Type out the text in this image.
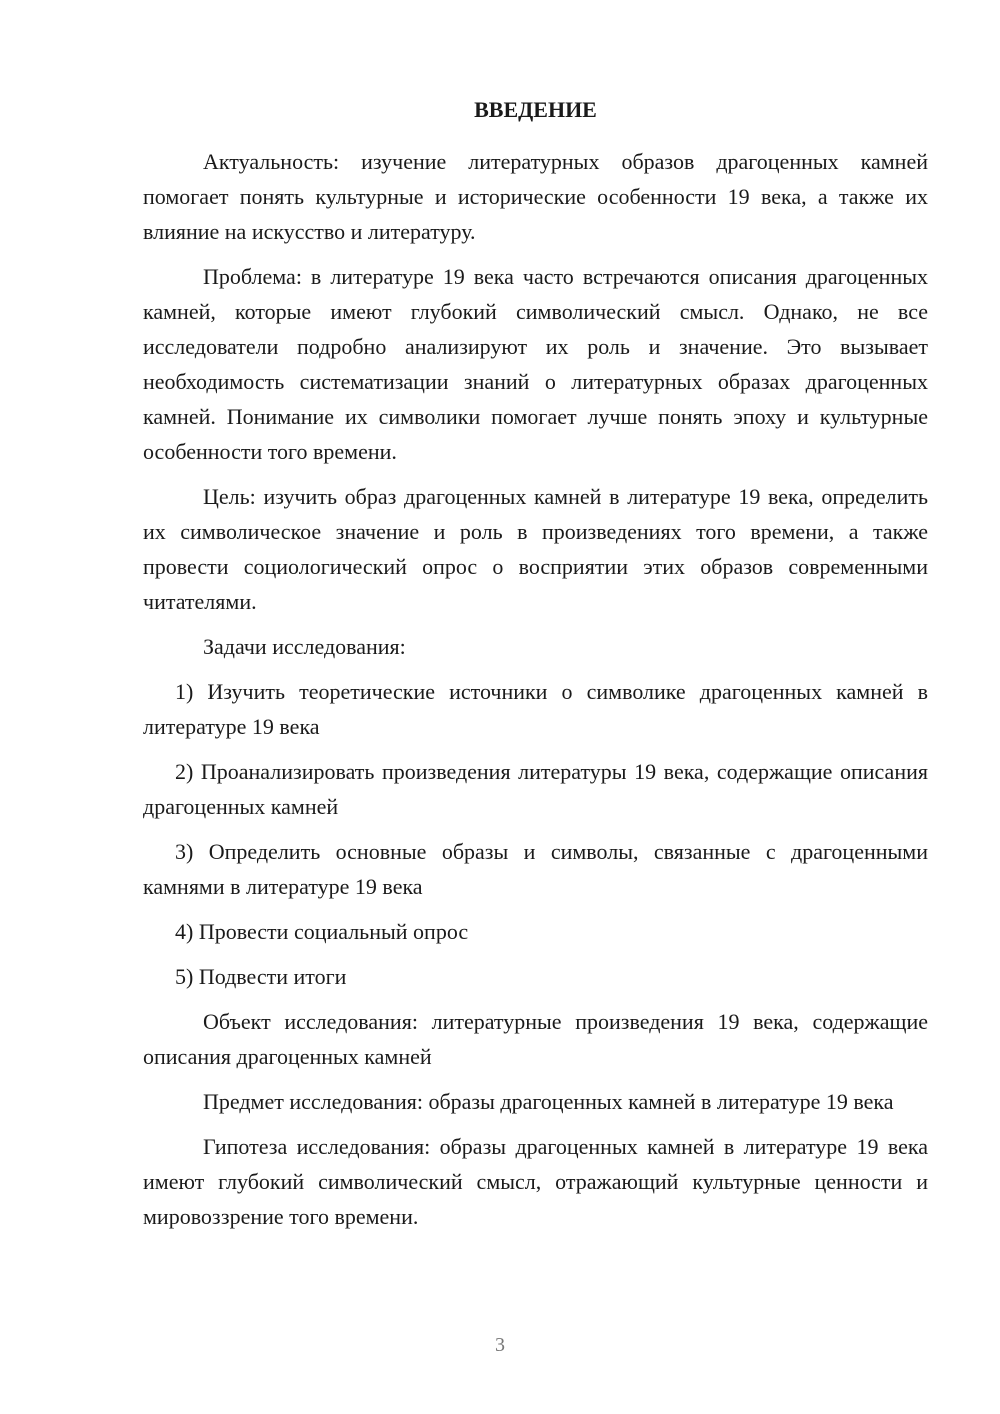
ВВЕДЕНИЕ

Актуальность: изучение литературных образов драгоценных камней помогает понять культурные и исторические особенности 19 века, а также их влияние на искусство и литературу.

Проблема: в литературе 19 века часто встречаются описания драгоценных камней, которые имеют глубокий символический смысл. Однако, не все исследователи подробно анализируют их роль и значение. Это вызывает необходимость систематизации знаний о литературных образах драгоценных камней. Понимание их символики помогает лучше понять эпоху и культурные особенности того времени.

Цель: изучить образ драгоценных камней в литературе 19 века, определить их символическое значение и роль в произведениях того времени, а также провести социологический опрос о восприятии этих образов современными читателями.

Задачи исследования:

1) Изучить теоретические источники о символике драгоценных камней в литературе 19 века

2) Проанализировать произведения литературы 19 века, содержащие описания драгоценных камней

3) Определить основные образы и символы, связанные с драгоценными камнями в литературе 19 века

4) Провести социальный опрос

5) Подвести итоги

Объект исследования: литературные произведения 19 века, содержащие описания драгоценных камней

Предмет исследования: образы драгоценных камней в литературе 19 века

Гипотеза исследования: образы драгоценных камней в литературе 19 века имеют глубокий символический смысл, отражающий культурные ценности и мировоззрение того времени.

3
